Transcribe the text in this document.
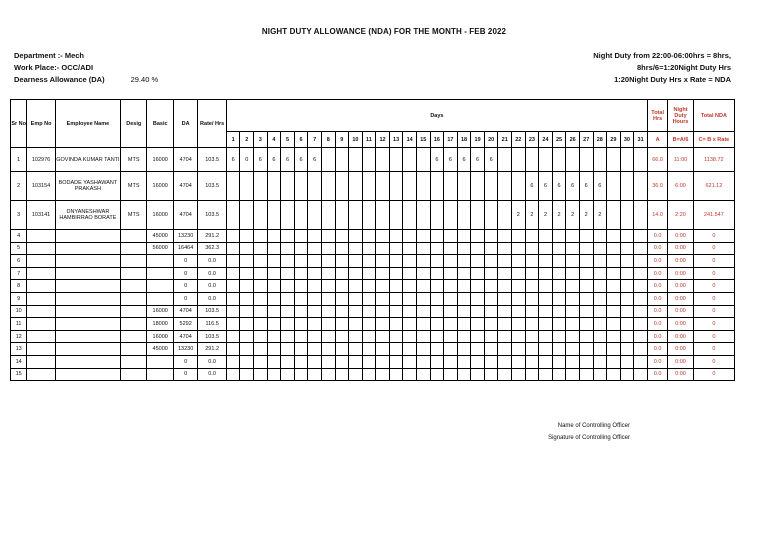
NIGHT DUTY ALLOWANCE (NDA) FOR THE MONTH - FEB 2022
Department :- Mech
Work Place:- OCC/ADI
Dearness Allowance (DA)	29.40 %
Night Duty from 22:00-06:00hrs = 8hrs,
8hrs/6=1:20Night Duty Hrs
1:20Night Duty Hrs x Rate = NDA
Sr No	Emp No	Employee Name	Desig	Basic	DA	Rate/ Hrs	Days																															Total Hrs	Night Duty Hours	Total NDA
							1	2	3	4	5	6	7	8	9	10	11	12	13	14	15	16	17	18	19	20	21	22	23	24	25	26	27	28	29	30	31	A	B=A/6	C= B x Rate
1	102976	GOVINDA KUMAR TANTI	MTS	16000	4704	103.5	6	0	6	6	6	6	6									6	6	6	6	6												66.0	11:00	1138.72
2	103154	BODADE YASHAWANT PRAKASH	MTS	16000	4704	103.5																							6	6	6	6	6	6				36.0	6:00	621.12
3	103141	DNYANESHWAR HAMBIRRAO BORATE	MTS	16000	4704	103.5																						2	2	2	2	2	2	2				14.0	2:20	241.547
4				45000	13230	291.2																																0.0	0:00	0
5				56000	16464	362.3																																0.0	0:00	0
6					0	0.0																																0.0	0:00	0
7					0	0.0																																0.0	0:00	0
8					0	0.0																																0.0	0:00	0
9					0	0.0																																0.0	0:00	0
10				16000	4704	103.5																																0.0	0:00	0
11				18000	5292	116.5																																0.0	0:00	0
12				16000	4704	103.5																																0.0	0:00	0
13				45000	13230	291.2																																0.0	0:00	0
14					0	0.0																																0.0	0:00	0
15					0	0.0																																0.0	0:00	0
Name of Controlling Officer
Signature of Controlling Officer
